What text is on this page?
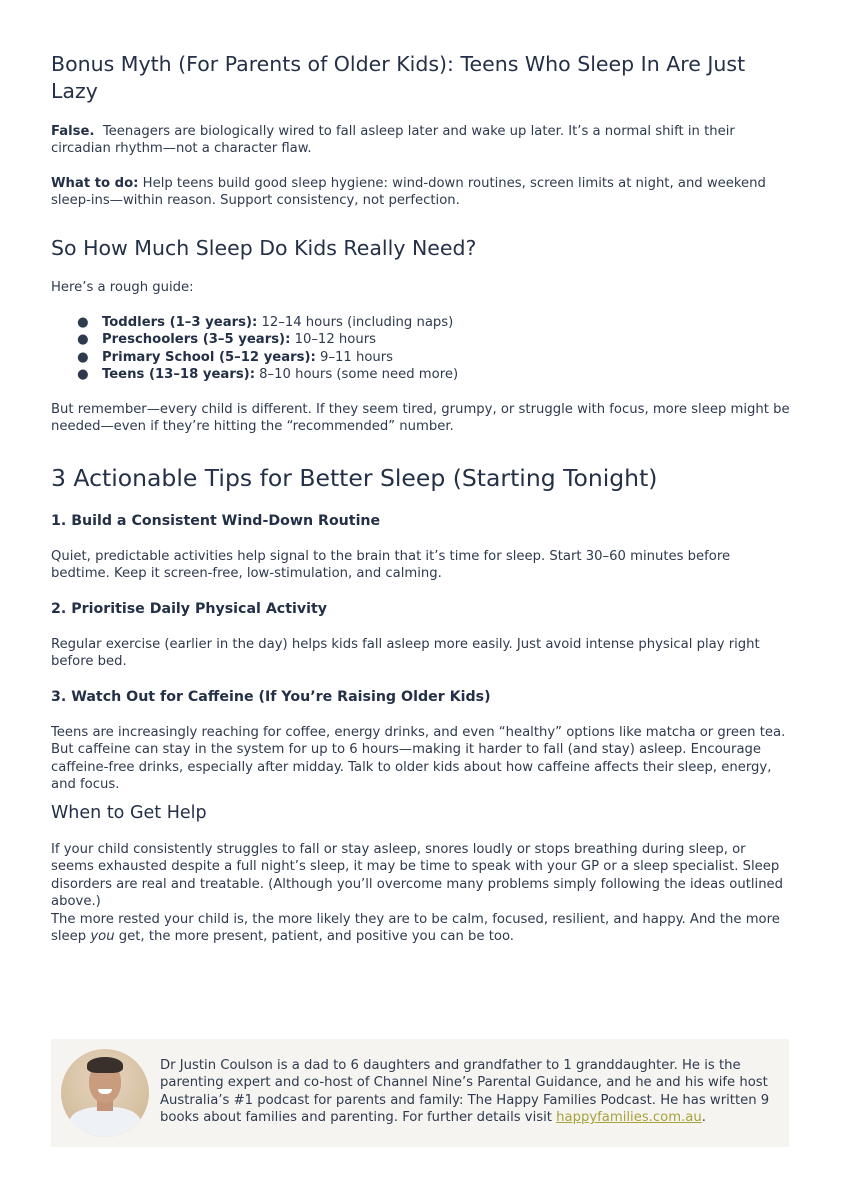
Bonus Myth (For Parents of Older Kids): Teens Who Sleep In Are Just Lazy

False. Teenagers are biologically wired to fall asleep later and wake up later. It’s a normal shift in their circadian rhythm—not a character flaw.

What to do: Help teens build good sleep hygiene: wind-down routines, screen limits at night, and weekend sleep-ins—within reason. Support consistency, not perfection.

So How Much Sleep Do Kids Really Need?

Here’s a rough guide:

● Toddlers (1–3 years): 12–14 hours (including naps)
● Preschoolers (3–5 years): 10–12 hours
● Primary School (5–12 years): 9–11 hours
● Teens (13–18 years): 8–10 hours (some need more)

But remember—every child is different. If they seem tired, grumpy, or struggle with focus, more sleep might be needed—even if they’re hitting the “recommended” number.

3 Actionable Tips for Better Sleep (Starting Tonight)
1. Build a Consistent Wind-Down Routine

Quiet, predictable activities help signal to the brain that it’s time for sleep. Start 30–60 minutes before bedtime. Keep it screen-free, low-stimulation, and calming.

2. Prioritise Daily Physical Activity

Regular exercise (earlier in the day) helps kids fall asleep more easily. Just avoid intense physical play right before bed.

3. Watch Out for Caffeine (If You’re Raising Older Kids)

Teens are increasingly reaching for coffee, energy drinks, and even “healthy” options like matcha or green tea. But caffeine can stay in the system for up to 6 hours—making it harder to fall (and stay) asleep. Encourage caffeine-free drinks, especially after midday. Talk to older kids about how caffeine affects their sleep, energy, and focus.

When to Get Help

If your child consistently struggles to fall or stay asleep, snores loudly or stops breathing during sleep, or seems exhausted despite a full night’s sleep, it may be time to speak with your GP or a sleep specialist. Sleep disorders are real and treatable. (Although you’ll overcome many problems simply following the ideas outlined above.)

The more rested your child is, the more likely they are to be calm, focused, resilient, and happy. And the more sleep you get, the more present, patient, and positive you can be too.

Dr Justin Coulson is a dad to 6 daughters and grandfather to 1 granddaughter. He is the parenting expert and co-host of Channel Nine’s Parental Guidance, and he and his wife host Australia’s #1 podcast for parents and family: The Happy Families Podcast. He has written 9 books about families and parenting. For further details visit happyfamilies.com.au.
